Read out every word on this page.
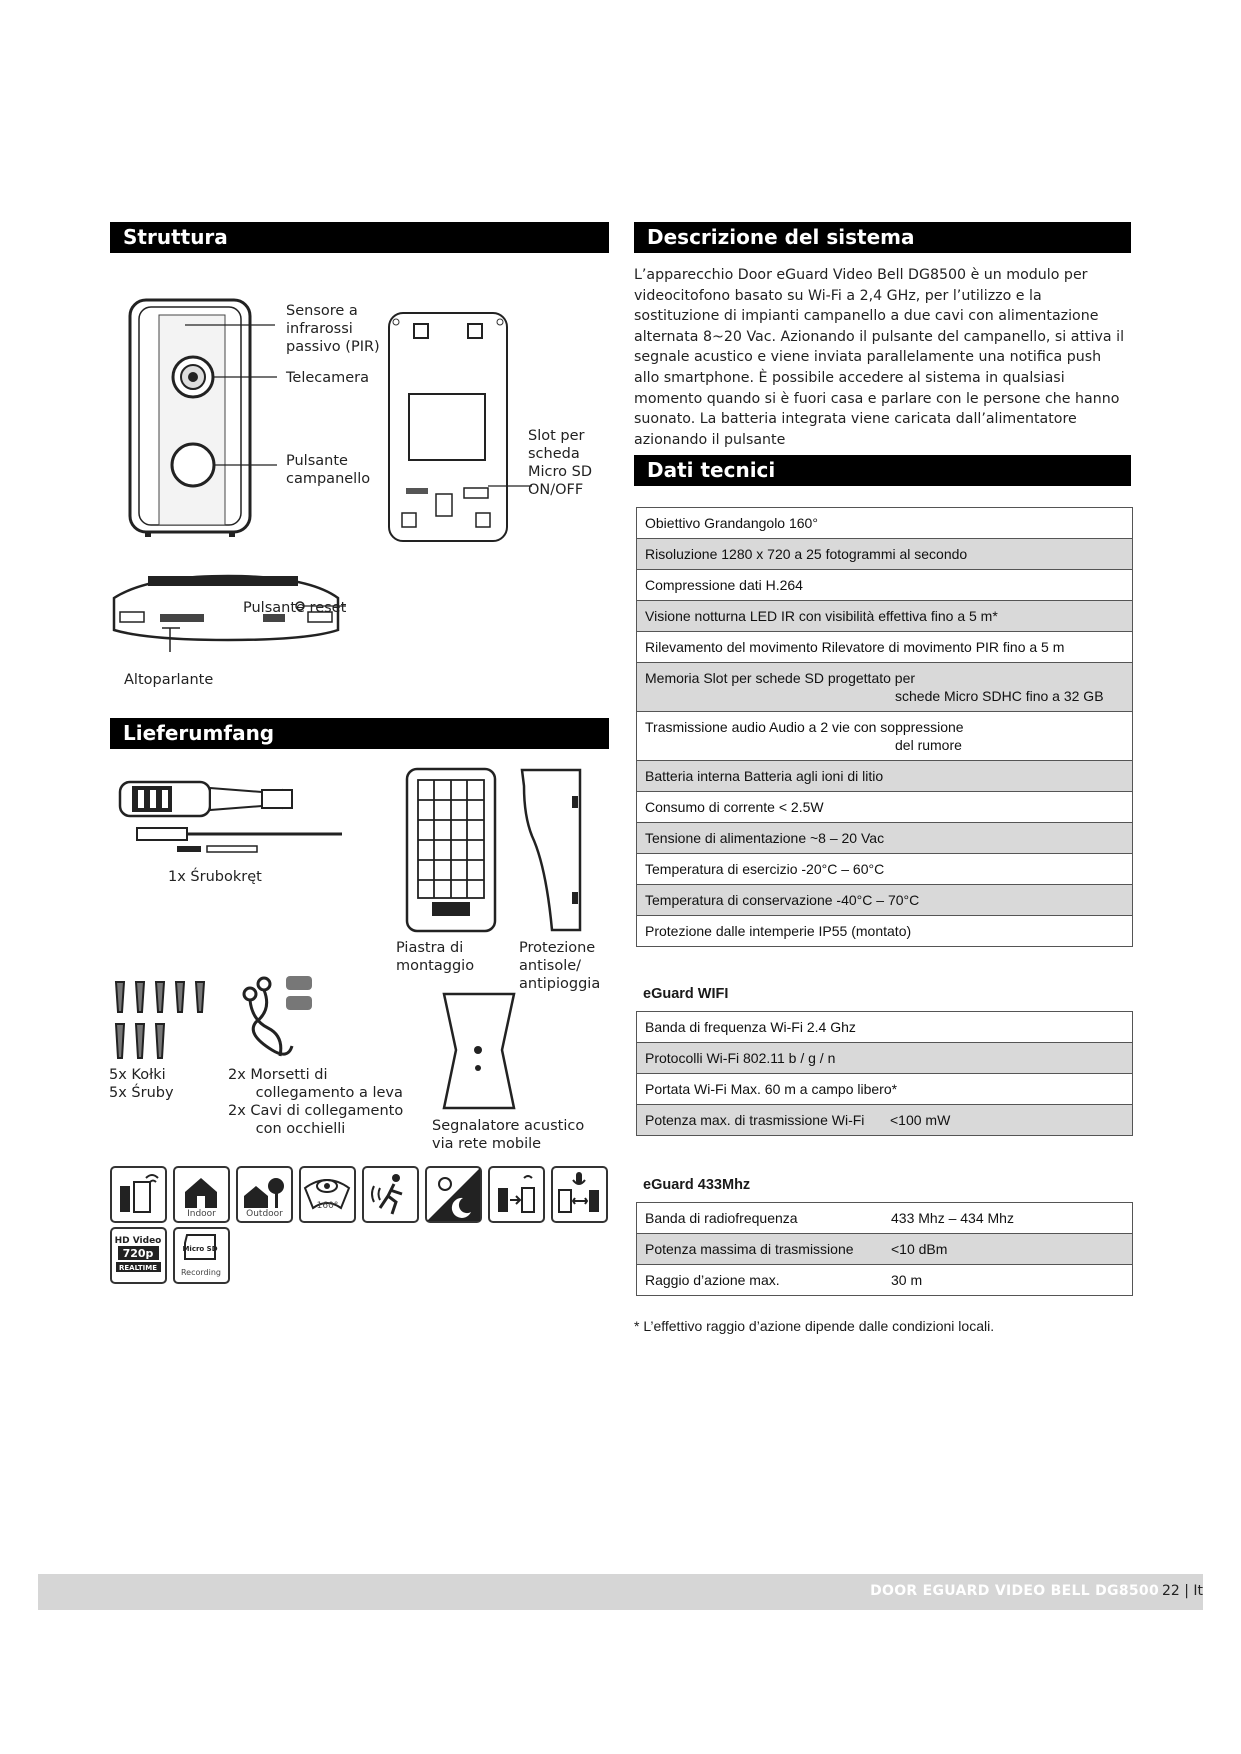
Struttura
Sensore a
infrarossi
passivo (PIR)
Telecamera
Pulsante
campanello
Slot per
scheda
Micro SD
ON/OFF
Pulsante reset
Altoparlante
Lieferumfang
1x Śrubokręt
Piastra di
montaggio
Protezione
antisole/
antipioggia
5x Kołki
5x Śruby
2x Morsetti di
collegamento a leva
2x Cavi di collegamento
con occhielli	Segnalatore acustico
via rete mobile
Indoor	Outdoor
160°
HD Video
720p
REALTIME
Micro SD
Recording
Descrizione del sistema
L’apparecchio Door eGuard Video Bell DG8500 è un modulo per videocitofono basato su Wi-Fi a 2,4 GHz, per l’utilizzo e la sostituzione di impianti campanello a due cavi con alimentazione alternata 8~20 Vac. Azionando il pulsante del campanello, si attiva il segnale acustico e viene inviata parallelamente una notifica push allo smartphone. È possibile accedere al sistema in qualsiasi momento quando si è fuori casa e parlare con le persone che hanno suonato. La batteria integrata viene caricata dall’alimentatore azionando il pulsante
Dati tecnici
Obiettivo Grandangolo 160°
Risoluzione 1280 x 720 a 25 fotogrammi al secondo
Compressione dati H.264
Visione notturna LED IR con visibilità effettiva fino a 5 m*
Rilevamento del movimento Rilevatore di movimento PIR fino a 5 m

Memoria Slot per schede SD progettato per
schede Micro SDHC fino a 32 GB

Trasmissione audio Audio a 2 vie con soppressione
del rumore

Batteria interna Batteria agli ioni di litio
Consumo di corrente < 2.5W
Tensione di alimentazione ~8 – 20 Vac
Temperatura di esercizio -20°C – 60°C
Temperatura di conservazione -40°C – 70°C
Protezione dalle intemperie IP55 (montato)
eGuard WIFI
Banda di frequenza Wi-Fi 2.4 Ghz
Protocolli Wi-Fi 802.11 b / g / n
Portata Wi-Fi Max. 60 m a campo libero*
Potenza max. di trasmissione Wi-Fi <100 mW
eGuard 433Mhz
Banda di radiofrequenza	433 Mhz – 434 Mhz
Potenza massima di trasmissione	<10 dBm
Raggio d’azione max.	30 m
* L’effettivo raggio d’azione dipende dalle condizioni locali.
DOOR EGUARD VIDEO BELL DG8500 22 | It
